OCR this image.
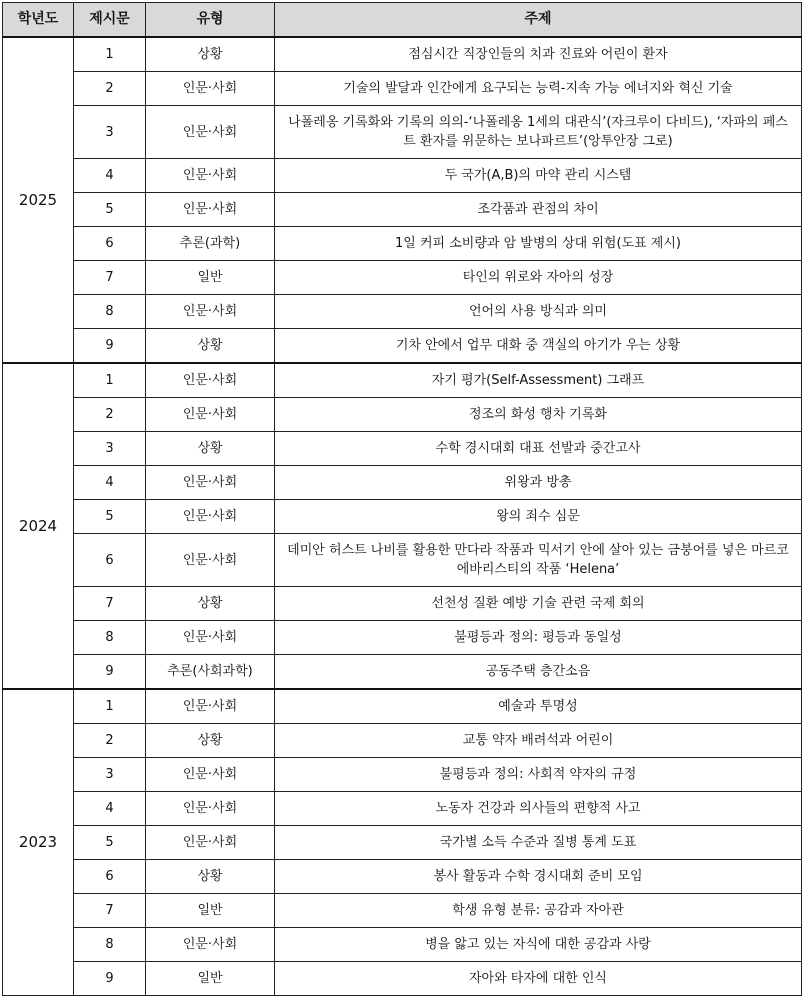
학년도	제시문	유형	주제
2025	1	상황	점심시간 직장인들의 치과 진료와 어린이 환자
	2	인문·사회	기술의 발달과 인간에게 요구되는 능력-지속 가능 에너지와 혁신 기술
	3	인문·사회	나폴레옹 기록화와 기록의 의의-‘나폴레옹 1세의 대관식’(자크루이 다비드), ‘자파의 페스트 환자를 위문하는 보나파르트’(앙투안장 그로)
	4	인문·사회	두 국가(A,B)의 마약 관리 시스템
	5	인문·사회	조각품과 관점의 차이
	6	추론(과학)	1일 커피 소비량과 암 발병의 상대 위험(도표 제시)
	7	일반	타인의 위로와 자아의 성장
	8	인문·사회	언어의 사용 방식과 의미
	9	상황	기차 안에서 업무 대화 중 객실의 아기가 우는 상황
2024	1	인문·사회	자기 평가(Self-Assessment) 그래프
	2	인문·사회	정조의 화성 행차 기록화
	3	상황	수학 경시대회 대표 선발과 중간고사
	4	인문·사회	위왕과 방총
	5	인문·사회	왕의 죄수 심문
	6	인문·사회	데미안 허스트 나비를 활용한 만다라 작품과 믹서기 안에 살아 있는 금붕어를 넣은 마르코 에바리스티의 작품 ‘Helena’
	7	상황	선천성 질환 예방 기술 관련 국제 회의
	8	인문·사회	불평등과 정의: 평등과 동일성
	9	추론(사회과학)	공동주택 층간소음
2023	1	인문·사회	예술과 투명성
	2	상황	교통 약자 배려석과 어린이
	3	인문·사회	불평등과 정의: 사회적 약자의 규정
	4	인문·사회	노동자 건강과 의사들의 편향적 사고
	5	인문·사회	국가별 소득 수준과 질병 통계 도표
	6	상황	봉사 활동과 수학 경시대회 준비 모임
	7	일반	학생 유형 분류: 공감과 자아관
	8	인문·사회	병을 앓고 있는 자식에 대한 공감과 사랑
	9	일반	자아와 타자에 대한 인식
